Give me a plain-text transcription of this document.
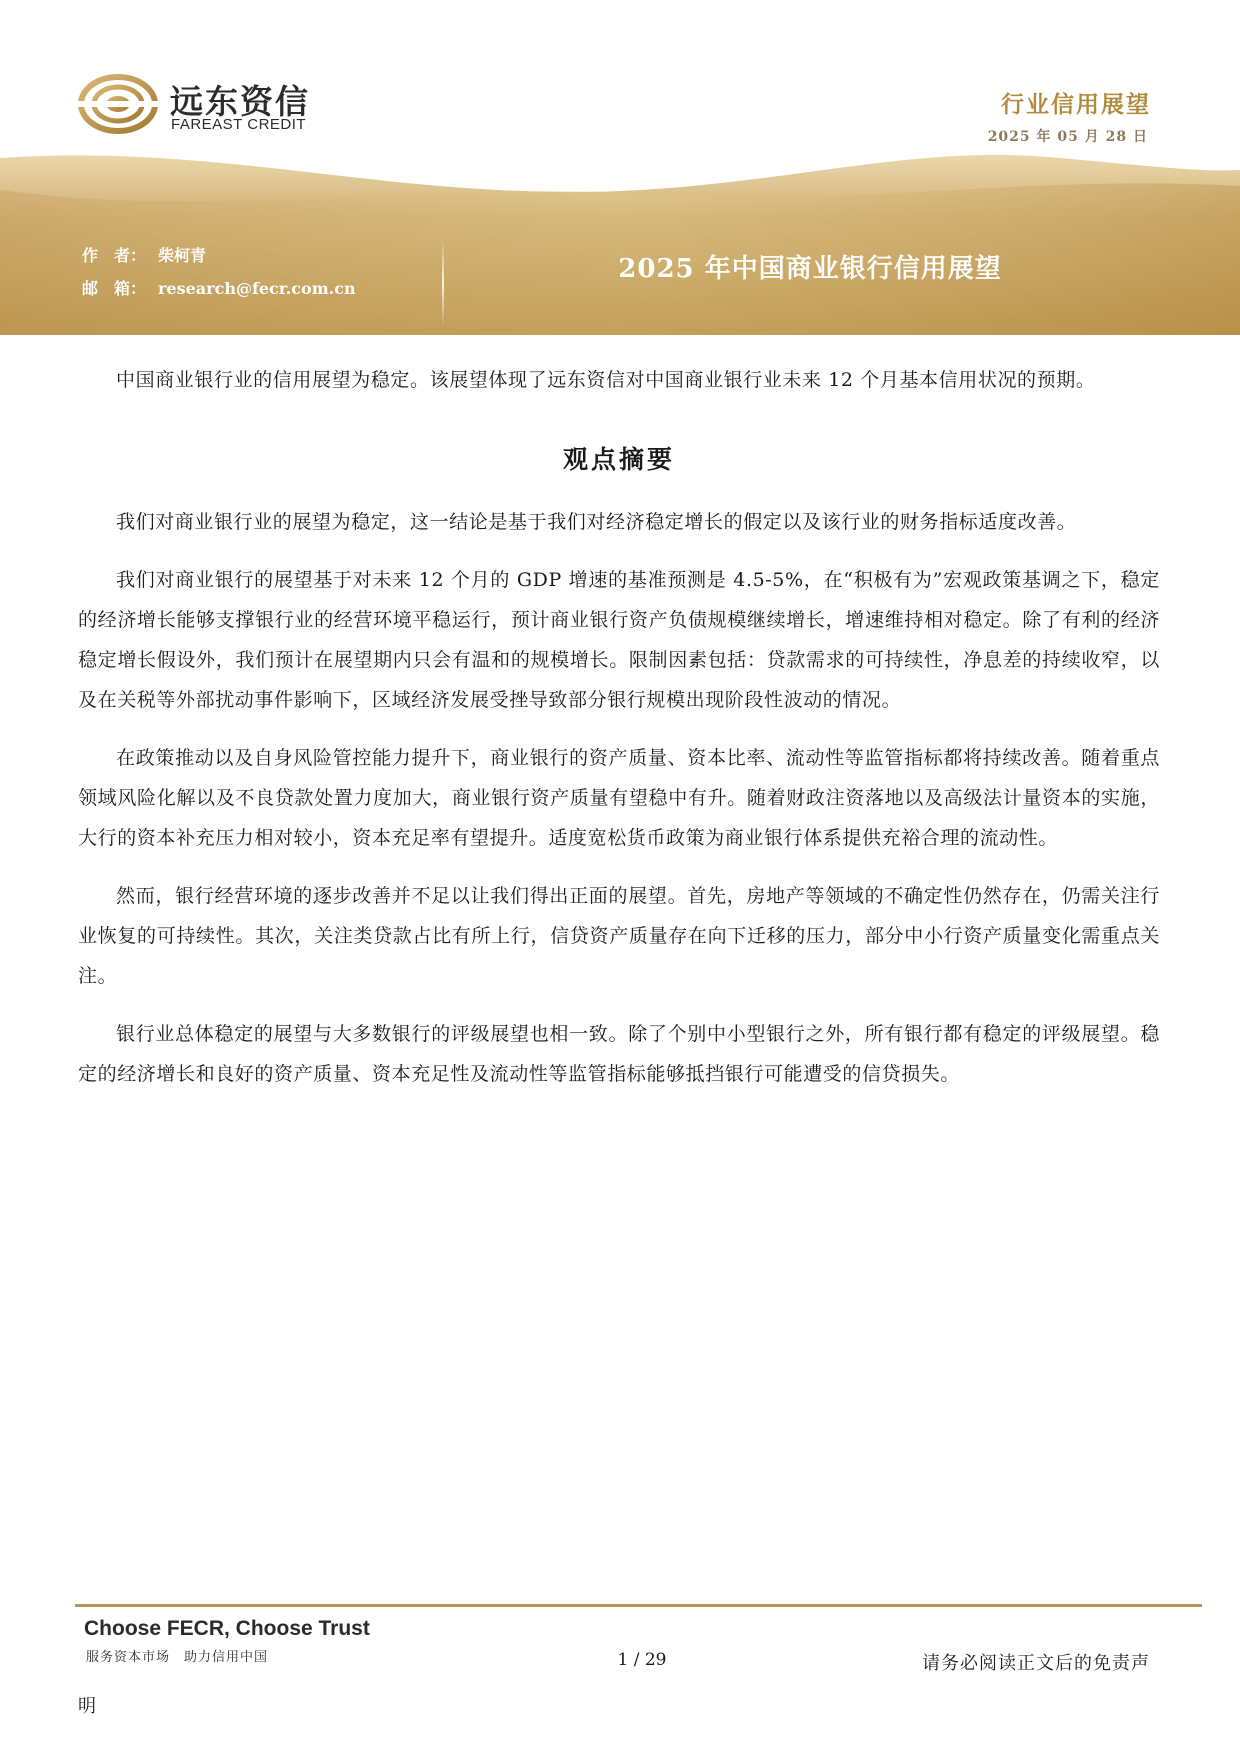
远东资信
FAREAST CREDIT
行业信用展望
2025 年 05 月 28 日
作　者： 柴柯青
邮　箱： research@fecr.com.cn
2025 年中国商业银行信用展望

中国商业银行业的信用展望为稳定。该展望体现了远东资信对中国商业银行业未来 12 个月基本信用状况的预期。

观点摘要

我们对商业银行业的展望为稳定，这一结论是基于我们对经济稳定增长的假定以及该行业的财务指标适度改善。

我们对商业银行的展望基于对未来 12 个月的 GDP 增速的基准预测是 4.5-5%，在“积极有为”宏观政策基调之下，稳定的经济增长能够支撑银行业的经营环境平稳运行，预计商业银行资产负债规模继续增长，增速维持相对稳定。除了有利的经济稳定增长假设外，我们预计在展望期内只会有温和的规模增长。限制因素包括：贷款需求的可持续性，净息差的持续收窄，以及在关税等外部扰动事件影响下，区域经济发展受挫导致部分银行规模出现阶段性波动的情况。

在政策推动以及自身风险管控能力提升下，商业银行的资产质量、资本比率、流动性等监管指标都将持续改善。随着重点领域风险化解以及不良贷款处置力度加大，商业银行资产质量有望稳中有升。随着财政注资落地以及高级法计量资本的实施，大行的资本补充压力相对较小，资本充足率有望提升。适度宽松货币政策为商业银行体系提供充裕合理的流动性。

然而，银行经营环境的逐步改善并不足以让我们得出正面的展望。首先，房地产等领域的不确定性仍然存在，仍需关注行业恢复的可持续性。其次，关注类贷款占比有所上行，信贷资产质量存在向下迁移的压力，部分中小行资产质量变化需重点关注。

银行业总体稳定的展望与大多数银行的评级展望也相一致。除了个别中小型银行之外，所有银行都有稳定的评级展望。稳定的经济增长和良好的资产质量、资本充足性及流动性等监管指标能够抵挡银行可能遭受的信贷损失。

Choose FECR, Choose Trust
服务资本市场　助力信用中国	1 / 29	请务必阅读正文后的免责声
明
